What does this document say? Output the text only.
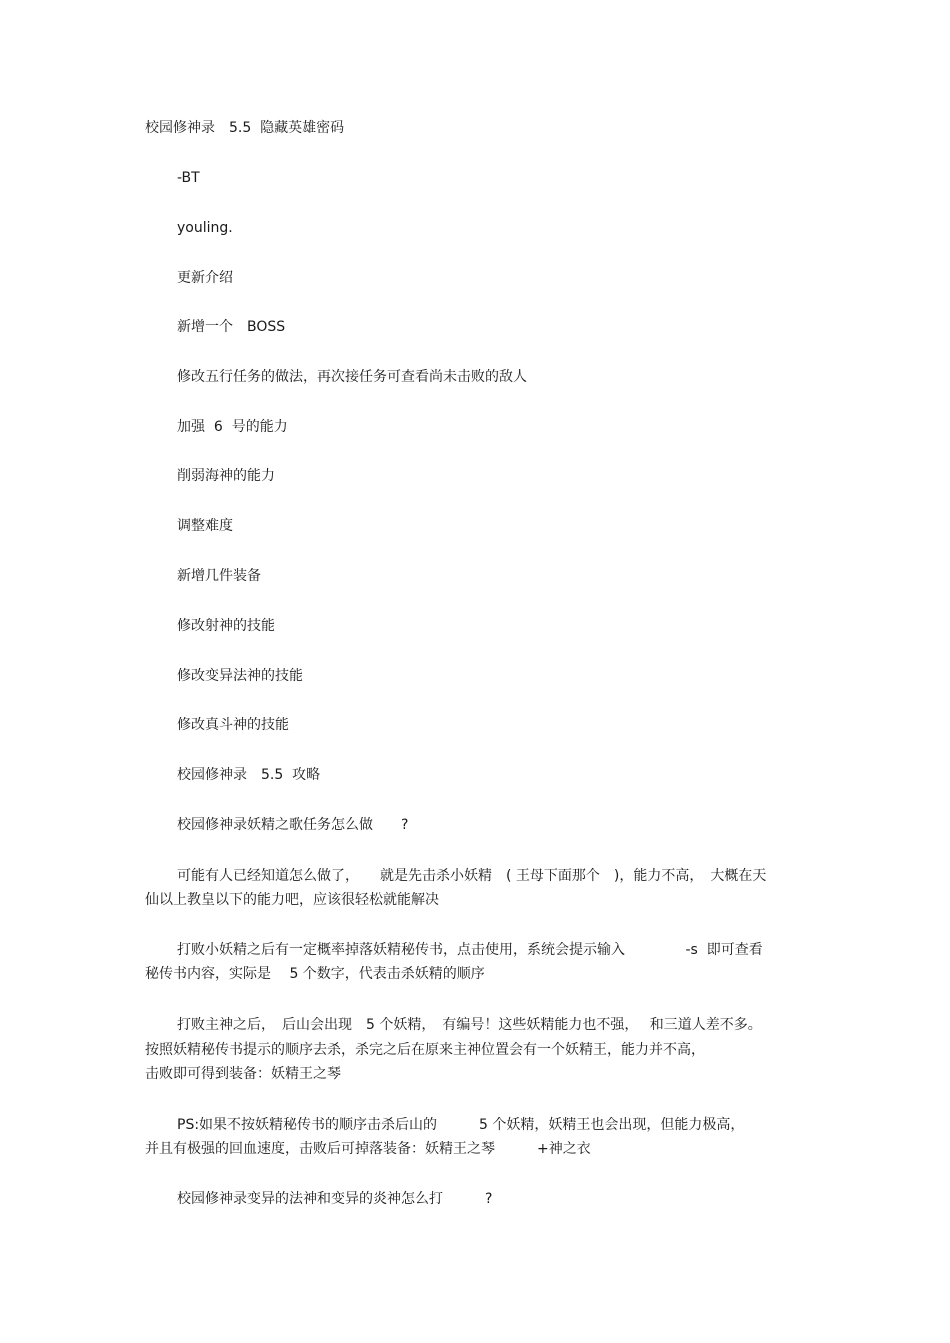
校园修神录　5.5  隐藏英雄密码
-BT
youling.
更新介绍
新增一个　BOSS
修改五行任务的做法，再次接任务可查看尚未击败的敌人
加强  6  号的能力
削弱海神的能力
调整难度
新增几件装备
修改射神的技能
修改变异法神的技能
修改真斗神的技能
校园修神录　5.5  攻略
校园修神录妖精之歌任务怎么做　　?
可能有人已经知道怎么做了，　　就是先击杀小妖精　( 王母下面那个　)，能力不高，　大概在天
仙以上教皇以下的能力吧，应该很轻松就能解决
打败小妖精之后有一定概率掉落妖精秘传书，点击使用，系统会提示输入　　　　 -s  即可查看
秘传书内容，实际是　 5 个数字，代表击杀妖精的顺序
打败主神之后，　后山会出现　5 个妖精，　有编号！这些妖精能力也不强，　 和三道人差不多。
按照妖精秘传书提示的顺序去杀，杀完之后在原来主神位置会有一个妖精王，能力并不高，
击败即可得到装备：妖精王之琴
PS:如果不按妖精秘传书的顺序击杀后山的　　　5 个妖精，妖精王也会出现，但能力极高，
并且有极强的回血速度，击败后可掉落装备：妖精王之琴　　　+神之衣
校园修神录变异的法神和变异的炎神怎么打　　　?
